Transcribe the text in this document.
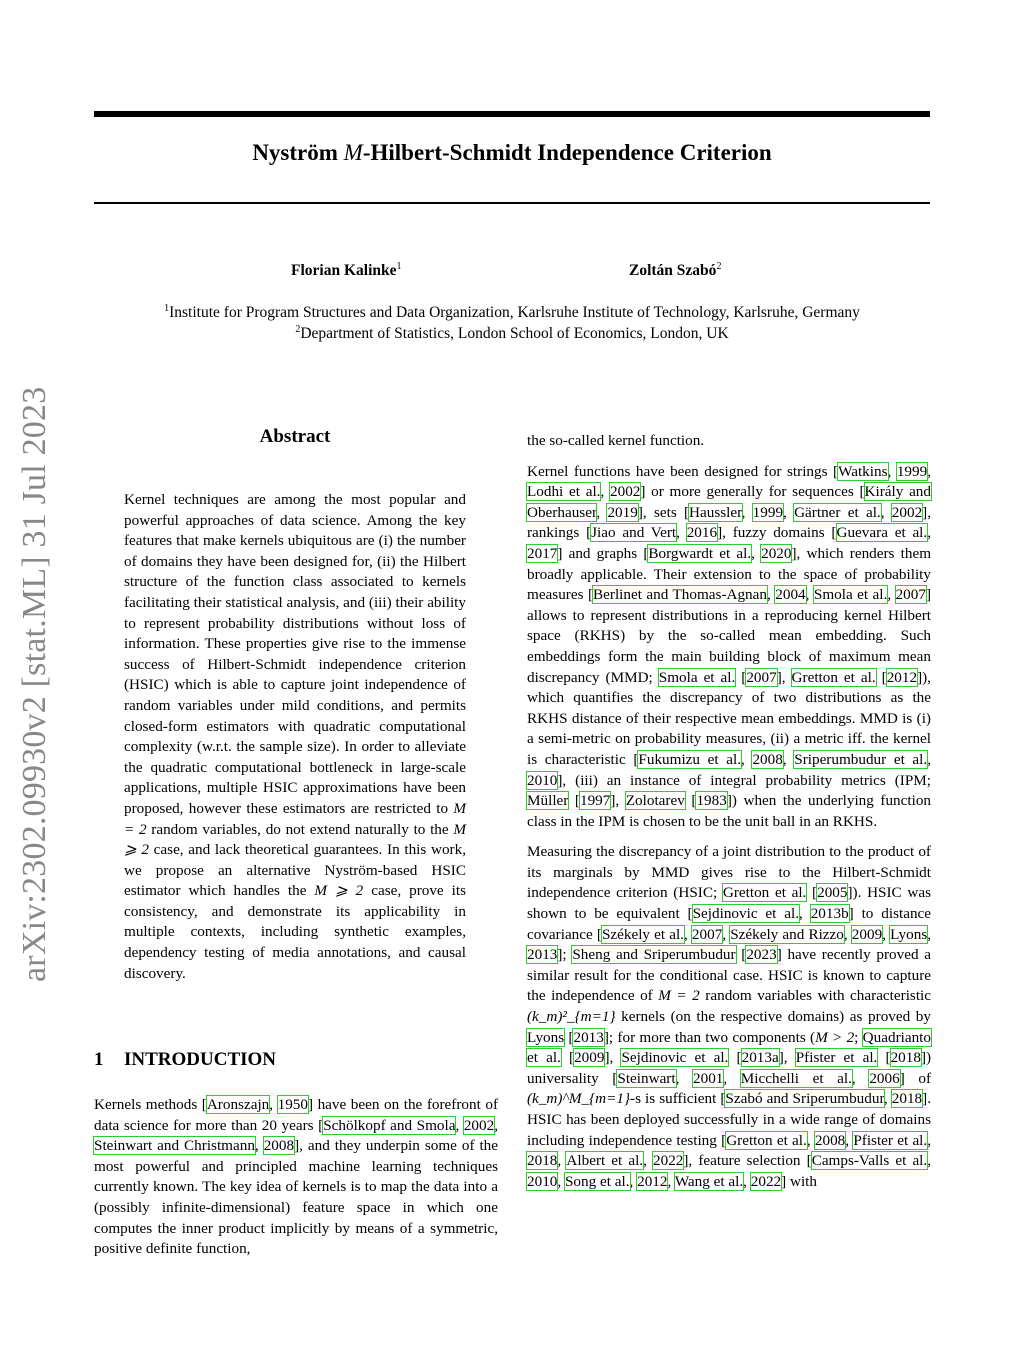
Nyström M-Hilbert-Schmidt Independence Criterion
Florian Kalinke$^1$	Zoltán Szabó$^2$
$^1$Institute for Program Structures and Data Organization, Karlsruhe Institute of Technology, Karlsruhe, Germany
$^2$Department of Statistics, London School of Economics, London, UK
arXiv:2302.09930v2 [stat.ML] 31 Jul 2023	Abstract
Kernel techniques are among the most popular and powerful approaches of data science. Among the key features that make kernels ubiquitous are (i) the number of domains they have been designed for, (ii) the Hilbert structure of the function class associated to kernels facilitating their statistical analysis, and (iii) their ability to represent probability distributions without loss of information. These properties give rise to the immense success of Hilbert-Schmidt independence criterion (HSIC) which is able to capture joint independence of random variables under mild conditions, and permits closed-form estimators with quadratic computational complexity (w.r.t. the sample size). In order to alleviate the quadratic computational bottleneck in large-scale applications, multiple HSIC approximations have been proposed, however these estimators are restricted to M = 2 random variables, do not extend naturally to the M ⩾ 2 case, and lack theoretical guarantees. In this work, we propose an alternative Nyström-based HSIC estimator which handles the M ⩾ 2 case, prove its consistency, and demonstrate its applicability in multiple contexts, including synthetic examples, dependency testing of media annotations, and causal discovery.
1 INTRODUCTION

Kernels methods [Aronszajn, 1950] have been on the forefront of data science for more than 20 years [Schölkopf and Smola, 2002, Steinwart and Christmann, 2008], and they underpin some of the most powerful and principled machine learning techniques currently known. The key idea of kernels is to map the data into a (possibly infinite-dimensional) feature space in which one computes the inner product implicitly by means of a symmetric, positive definite function,

the so-called kernel function.

Kernel functions have been designed for strings [Watkins, 1999, Lodhi et al., 2002] or more generally for sequences [Király and Oberhauser, 2019], sets [Haussler, 1999, Gärtner et al., 2002], rankings [Jiao and Vert, 2016], fuzzy domains [Guevara et al., 2017] and graphs [Borgwardt et al., 2020], which renders them broadly applicable. Their extension to the space of probability measures [Berlinet and Thomas-Agnan, 2004, Smola et al., 2007] allows to represent distributions in a reproducing kernel Hilbert space (RKHS) by the so-called mean embedding. Such embeddings form the main building block of maximum mean discrepancy (MMD; Smola et al. [2007], Gretton et al. [2012]), which quantifies the discrepancy of two distributions as the RKHS distance of their respective mean embeddings. MMD is (i) a semi-metric on probability measures, (ii) a metric iff. the kernel is characteristic [Fukumizu et al., 2008, Sriperumbudur et al., 2010], (iii) an instance of integral probability metrics (IPM; Müller [1997], Zolotarev [1983]) when the underlying function class in the IPM is chosen to be the unit ball in an RKHS.

Measuring the discrepancy of a joint distribution to the product of its marginals by MMD gives rise to the Hilbert-Schmidt independence criterion (HSIC; Gretton et al. [2005]). HSIC was shown to be equivalent [Sejdinovic et al., 2013b] to distance covariance [Székely et al., 2007, Székely and Rizzo, 2009, Lyons, 2013]; Sheng and Sriperumbudur [2023] have recently proved a similar result for the conditional case. HSIC is known to capture the independence of M = 2 random variables with characteristic (k_m)²_{m=1} kernels (on the respective domains) as proved by Lyons [2013]; for more than two components (M > 2; Quadrianto et al. [2009], Sejdinovic et al. [2013a], Pfister et al. [2018]) universality [Steinwart, 2001, Micchelli et al., 2006] of (k_m)^M_{m=1}-s is sufficient [Szabó and Sriperumbudur, 2018]. HSIC has been deployed successfully in a wide range of domains including independence testing [Gretton et al., 2008, Pfister et al., 2018, Albert et al., 2022], feature selection [Camps-Valls et al., 2010, Song et al., 2012, Wang et al., 2022] with
